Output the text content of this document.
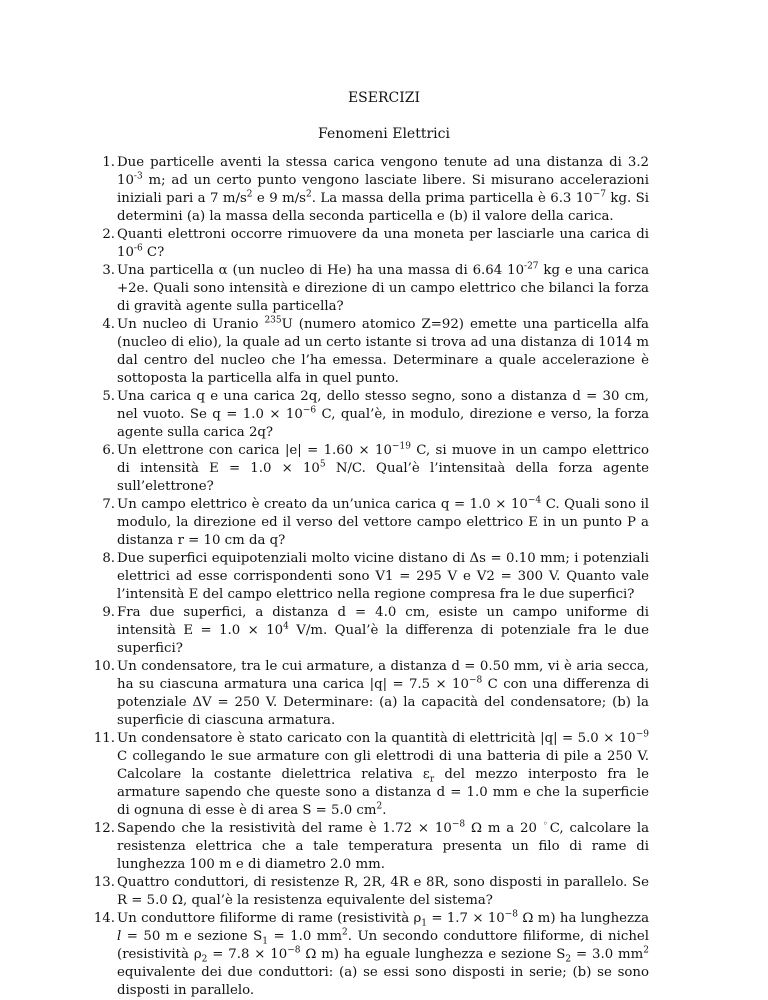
ESERCIZI
Fenomeni Elettrici
1. Due particelle aventi la stessa carica vengono tenute ad una distanza di 3.2 $10^{-3}$ m; ad un certo punto vengono lasciate libere. Si misurano accelerazioni iniziali pari a 7 $m/s^2$ e 9 $m/s^2$. La massa della prima particella è 6.3 $10^{-7}$ kg. Si determini (a) la massa della seconda particella e (b) il valore della carica.
2. Quanti elettroni occorre rimuovere da una moneta per lasciarle una carica di $10^{-6}$ C?
3. Una particella α (un nucleo di He) ha una massa di 6.64 $10^{-27}$ kg e una carica +2e. Quali sono intensità e direzione di un campo elettrico che bilanci la forza di gravità agente sulla particella?
4. Un nucleo di Uranio $^{235}$U (numero atomico Z=92) emette una particella alfa (nucleo di elio), la quale ad un certo istante si trova ad una distanza di 1014 m dal centro del nucleo che l’ha emessa. Determinare a quale accelerazione è sottoposta la particella alfa in quel punto.
5. Una carica q e una carica 2q, dello stesso segno, sono a distanza d = 30 cm, nel vuoto. Se $q = 1.0 \times 10^{-6}$ C, qual’è, in modulo, direzione e verso, la forza agente sulla carica 2q?
6. Un elettrone con carica $|e| = 1.60 \times 10^{-19}$ C, si muove in un campo elettrico di intensità $E = 1.0 \times 10^5$ N/C. Qual’è l’intensitaà della forza agente sull’elettrone?
7. Un campo elettrico è creato da un’unica carica $q = 1.0 \times 10^{-4}$ C. Quali sono il modulo, la direzione ed il verso del vettore campo elettrico E in un punto P a distanza r = 10 cm da q?
8. Due superfici equipotenziali molto vicine distano di Δs = 0.10 mm; i potenziali elettrici ad esse corrispondenti sono V1 = 295 V e V2 = 300 V. Quanto vale l’intensità E del campo elettrico nella regione compresa fra le due superfici?
9. Fra due superfici, a distanza d = 4.0 cm, esiste un campo uniforme di intensità $E = 1.0 \times 10^4$ V/m. Qual’è la differenza di potenziale fra le due superfici?
10. Un condensatore, tra le cui armature, a distanza d = 0.50 mm, vi è aria secca, ha su ciascuna armatura una carica $|q| = 7.5 \times 10^{-8}$ C con una differenza di potenziale ΔV = 250 V. Determinare: (a) la capacità del condensatore; (b) la superficie di ciascuna armatura.
11. Un condensatore è stato caricato con la quantità di elettricità $|q| = 5.0 \times 10^{-9}$ C collegando le sue armature con gli elettrodi di una batteria di pile a 250 V. Calcolare la costante dielettrica relativa $\varepsilon_r$ del mezzo interposto fra le armature sapendo che queste sono a distanza d = 1.0 mm e che la superficie di ognuna di esse è di area S = 5.0 $cm^2$.
12. Sapendo che la resistività del rame è $1.72 \times 10^{-8}$ Ω m a 20 ◦C, calcolare la resistenza elettrica che a tale temperatura presenta un filo di rame di lunghezza 100 m e di diametro 2.0 mm.
13. Quattro conduttori, di resistenze R, 2R, 4R e 8R, sono disposti in parallelo. Se R = 5.0 Ω, qual’è la resistenza equivalente del sistema?
14. Un conduttore filiforme di rame (resistività $\rho_1 = 1.7 \times 10^{-8}$ Ω m) ha lunghezza l = 50 m e sezione $S_1 = 1.0$ $mm^2$. Un secondo conduttore filiforme, di nichel (resistività $\rho_2 = 7.8 \times 10^{-8}$ Ω m) ha eguale lunghezza e sezione $S_2 = 3.0$ $mm^2$ equivalente dei due conduttori: (a) se essi sono disposti in serie; (b) se sono disposti in parallelo.
